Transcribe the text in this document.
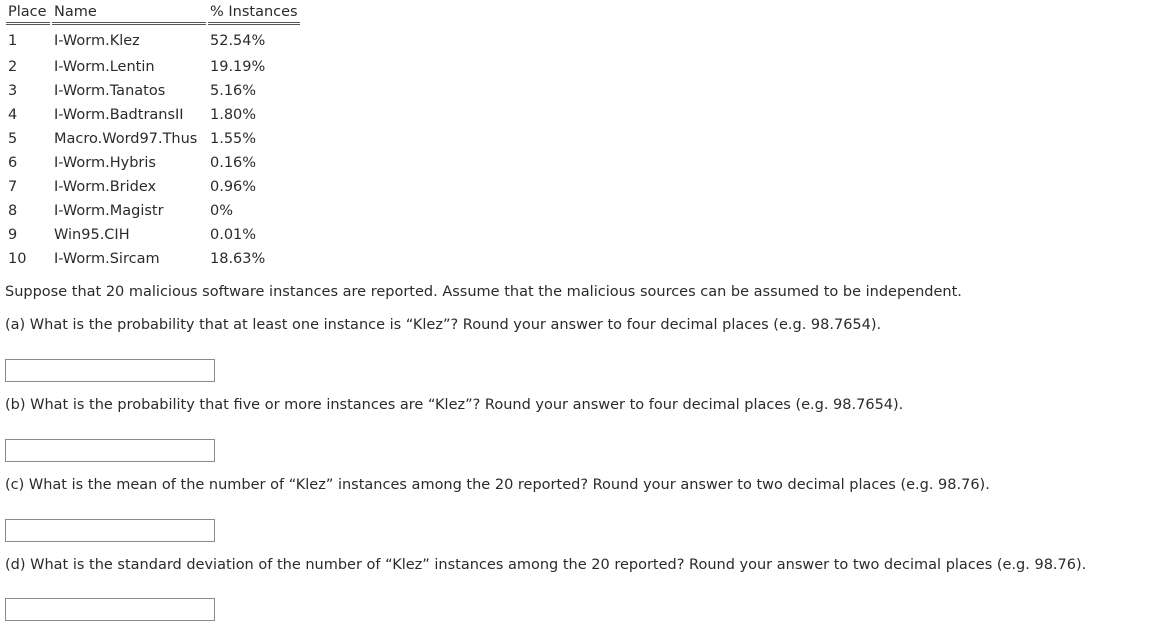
Place	Name	% Instances
1	I-Worm.Klez	52.54%
2	I-Worm.Lentin	19.19%
3	I-Worm.Tanatos	5.16%
4	I-Worm.BadtransII	1.80%
5	Macro.Word97.Thus	1.55%
6	I-Worm.Hybris	0.16%
7	I-Worm.Bridex	0.96%
8	I-Worm.Magistr	0%
9	Win95.CIH	0.01%
10	I-Worm.Sircam	18.63%
Suppose that 20 malicious software instances are reported. Assume that the malicious sources can be assumed to be independent.
(a) What is the probability that at least one instance is “Klez”? Round your answer to four decimal places (e.g. 98.7654).
(b) What is the probability that five or more instances are “Klez”? Round your answer to four decimal places (e.g. 98.7654).
(c) What is the mean of the number of “Klez” instances among the 20 reported? Round your answer to two decimal places (e.g. 98.76).
(d) What is the standard deviation of the number of “Klez” instances among the 20 reported? Round your answer to two decimal places (e.g. 98.76).
